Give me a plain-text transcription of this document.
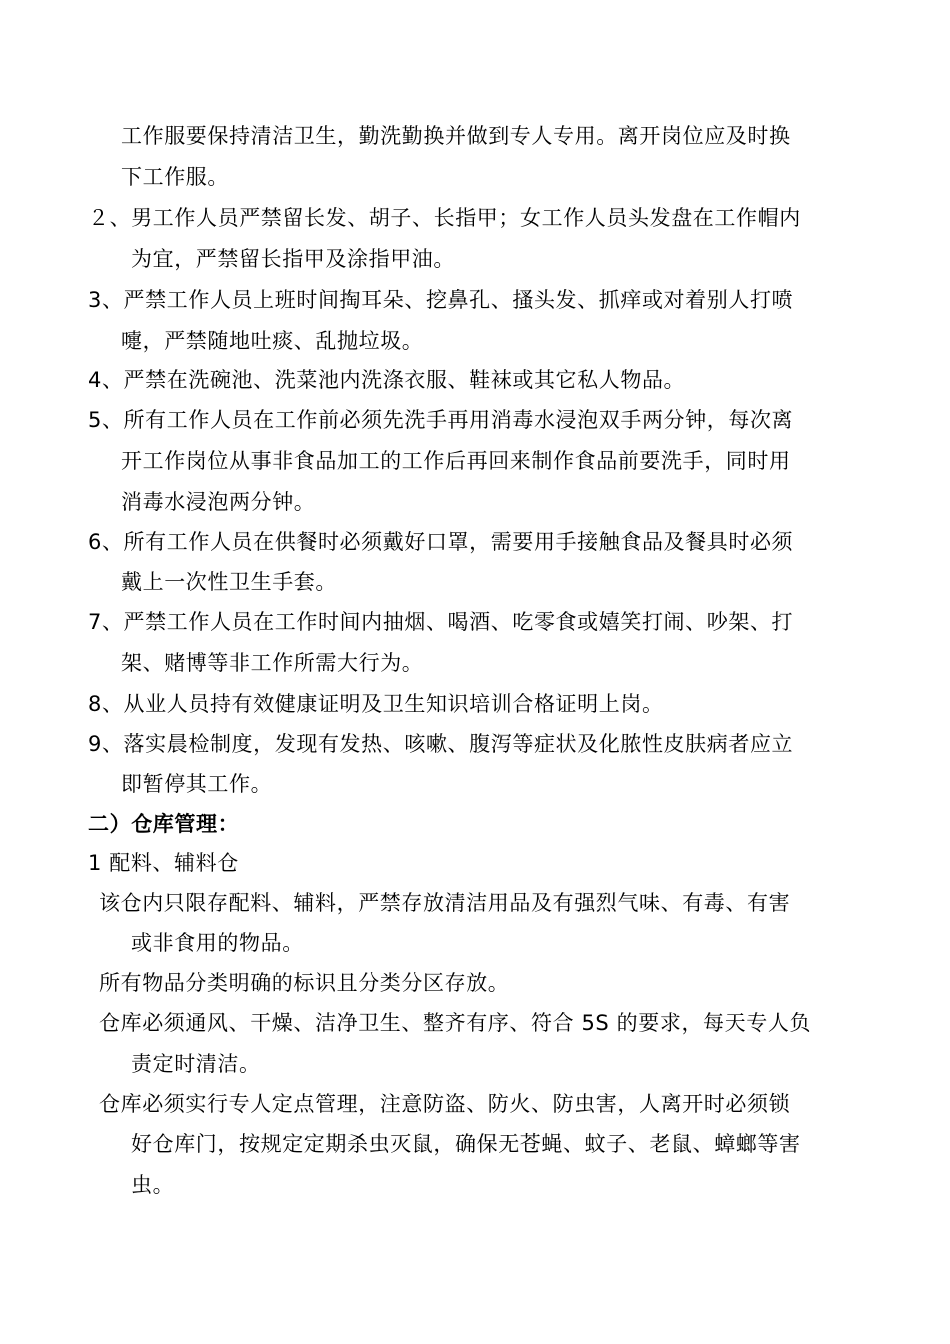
工作服要保持清洁卫生，勤洗勤换并做到专人专用。离开岗位应及时换
下工作服。
２、男工作人员严禁留长发、胡子、长指甲；女工作人员头发盘在工作帽内
为宜，严禁留长指甲及涂指甲油。
3、严禁工作人员上班时间掏耳朵、挖鼻孔、搔头发、抓痒或对着别人打喷
嚏，严禁随地吐痰、乱抛垃圾。
4、严禁在洗碗池、洗菜池内洗涤衣服、鞋袜或其它私人物品。
5、所有工作人员在工作前必须先洗手再用消毒水浸泡双手两分钟，每次离
开工作岗位从事非食品加工的工作后再回来制作食品前要洗手，同时用
消毒水浸泡两分钟。
6、所有工作人员在供餐时必须戴好口罩，需要用手接触食品及餐具时必须
戴上一次性卫生手套。
7、严禁工作人员在工作时间内抽烟、喝酒、吃零食或嬉笑打闹、吵架、打
架、赌博等非工作所需大行为。
8、从业人员持有效健康证明及卫生知识培训合格证明上岗。
9、落实晨检制度，发现有发热、咳嗽、腹泻等症状及化脓性皮肤病者应立
即暂停其工作。
二）仓库管理：
1 配料、辅料仓
该仓内只限存配料、辅料，严禁存放清洁用品及有强烈气味、有毒、有害
或非食用的物品。
所有物品分类明确的标识且分类分区存放。
仓库必须通风、干燥、洁净卫生、整齐有序、符合 5S 的要求，每天专人负
责定时清洁。
仓库必须实行专人定点管理，注意防盗、防火、防虫害，人离开时必须锁
好仓库门，按规定定期杀虫灭鼠，确保无苍蝇、蚊子、老鼠、蟑螂等害
虫。
